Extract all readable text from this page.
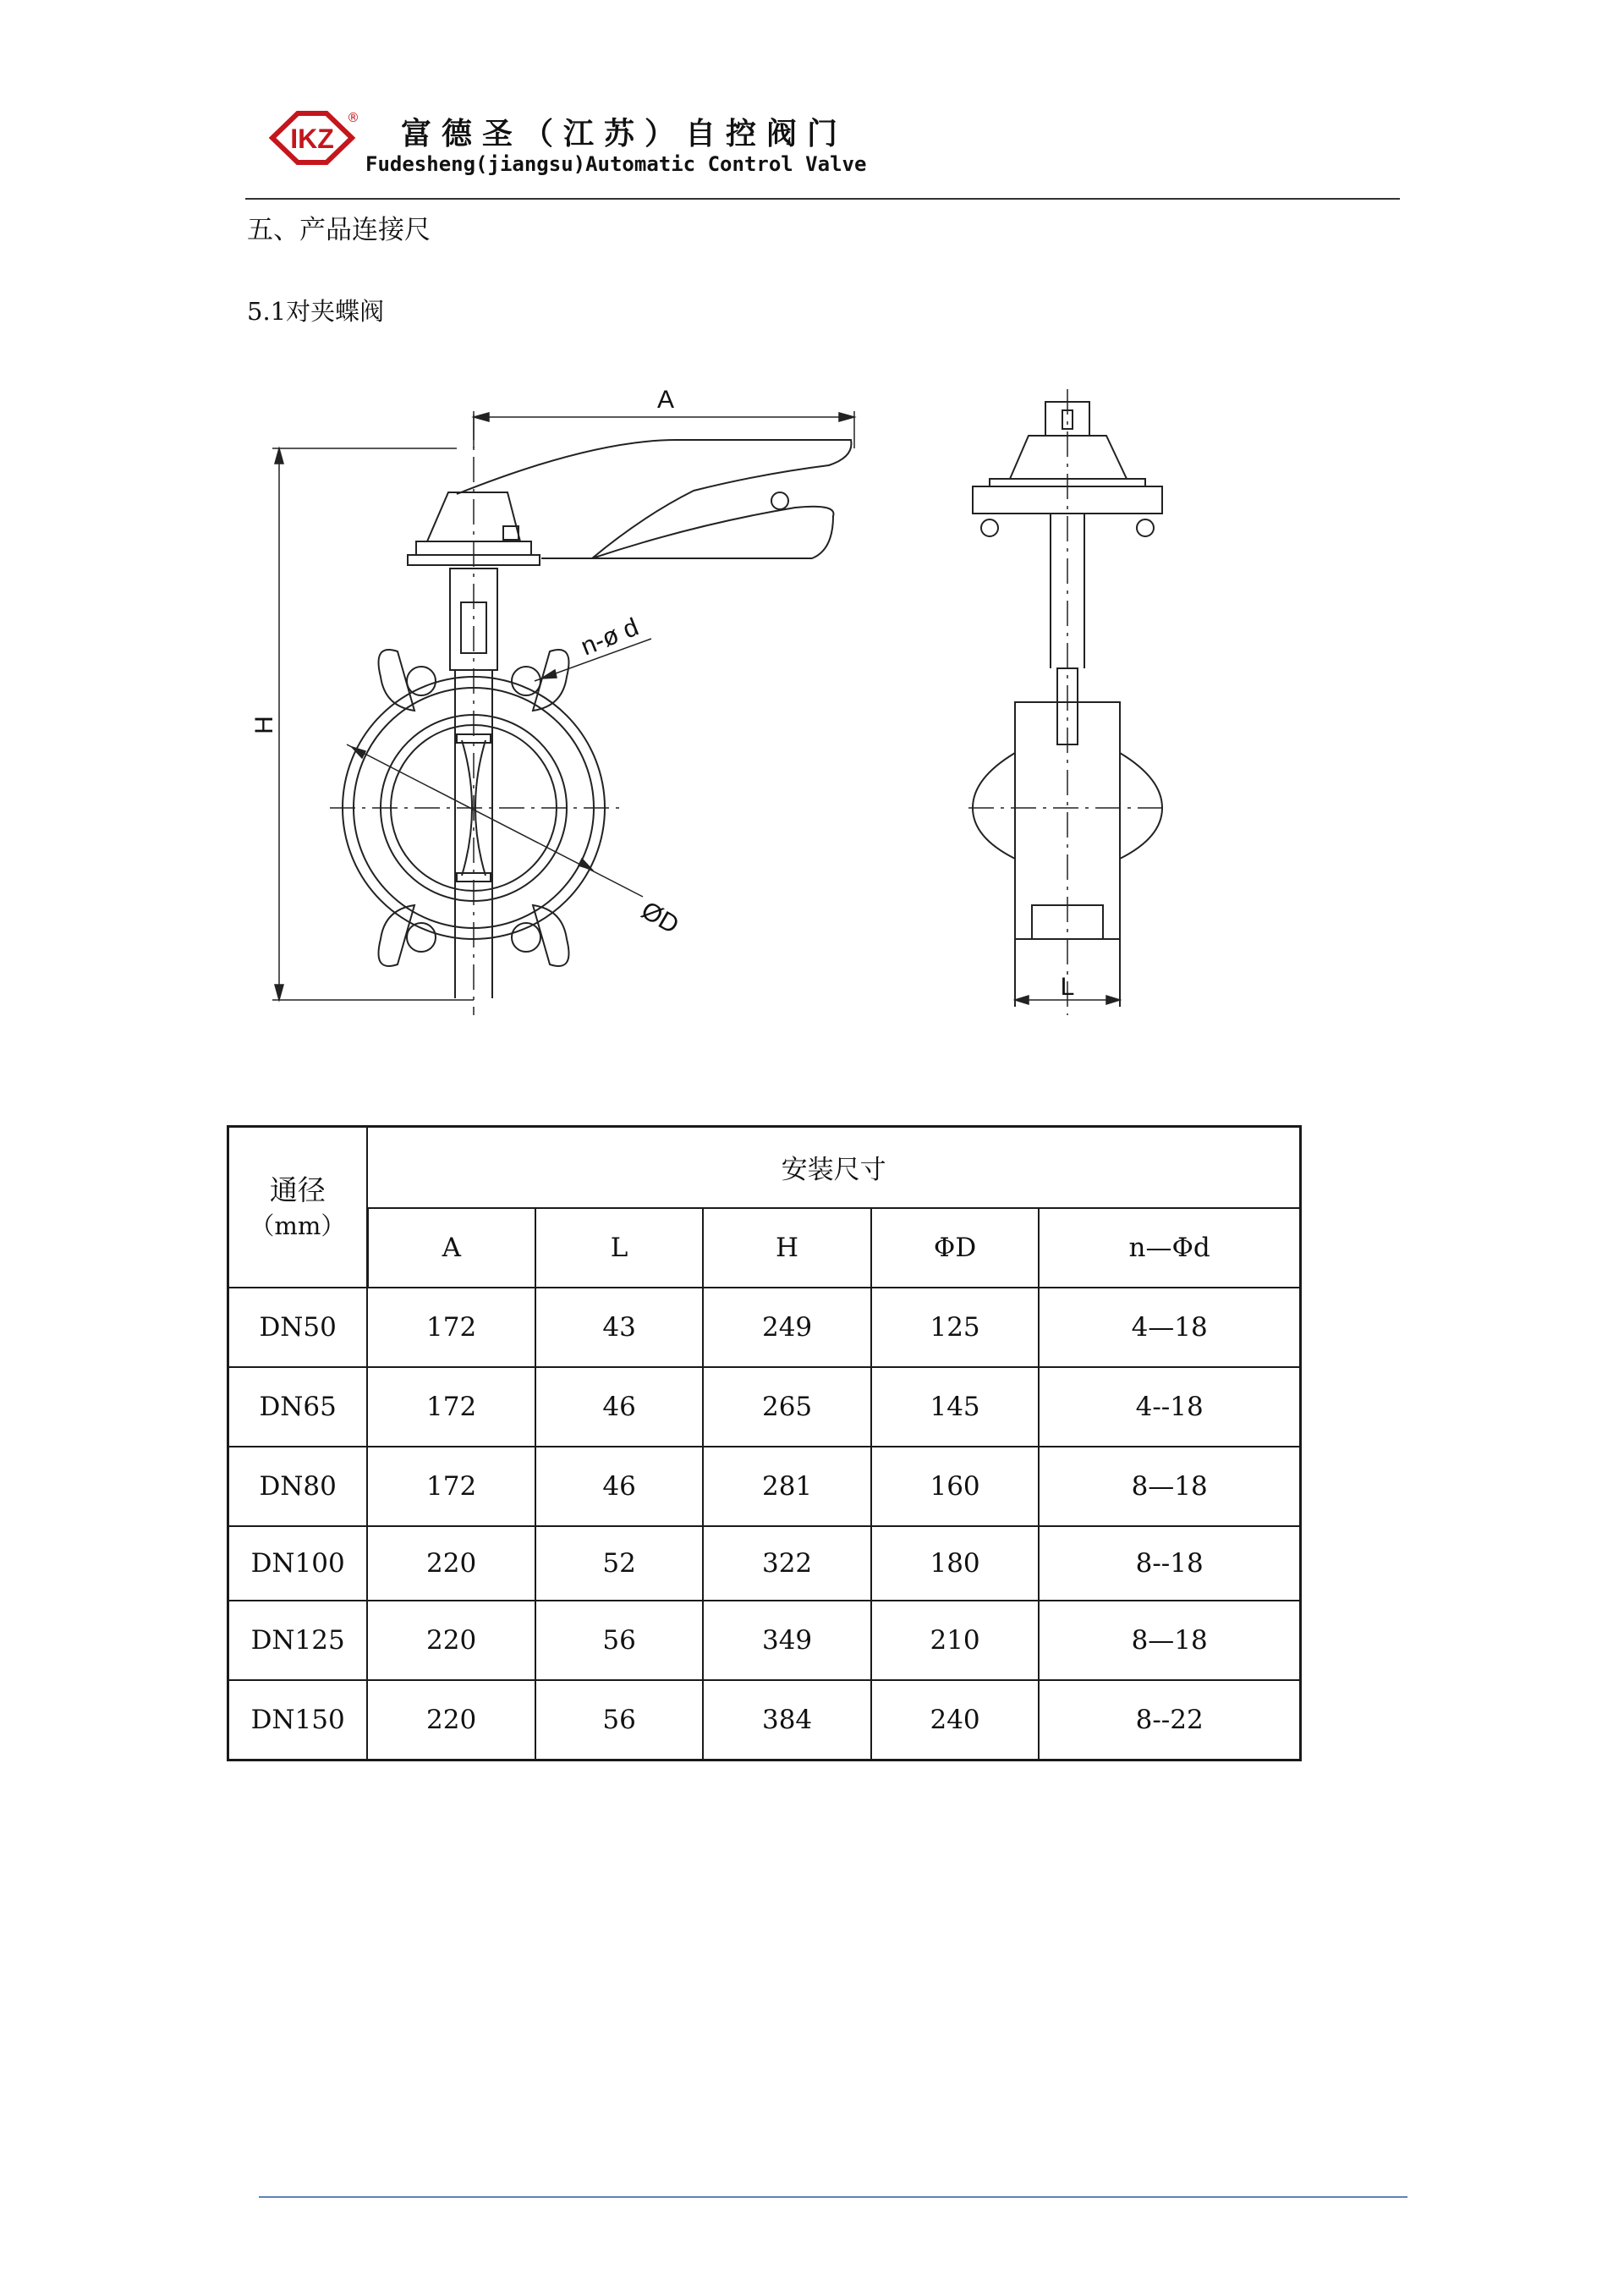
IKZ
® 富德圣（江苏）自控阀门
Fudesheng(jiangsu)Automatic Control Valve
五、产品连接尺
5.1对夹蝶阀
A
H
ØD
n-ø d
L
通径
（mm）	安装尺寸				
	A	L	H	ΦD	n—Φd
DN50	172	43	249	125	4—18
DN65	172	46	265	145	4--18
DN80	172	46	281	160	8—18
DN100	220	52	322	180	8--18
DN125	220	56	349	210	8—18
DN150	220	56	384	240	8--22
